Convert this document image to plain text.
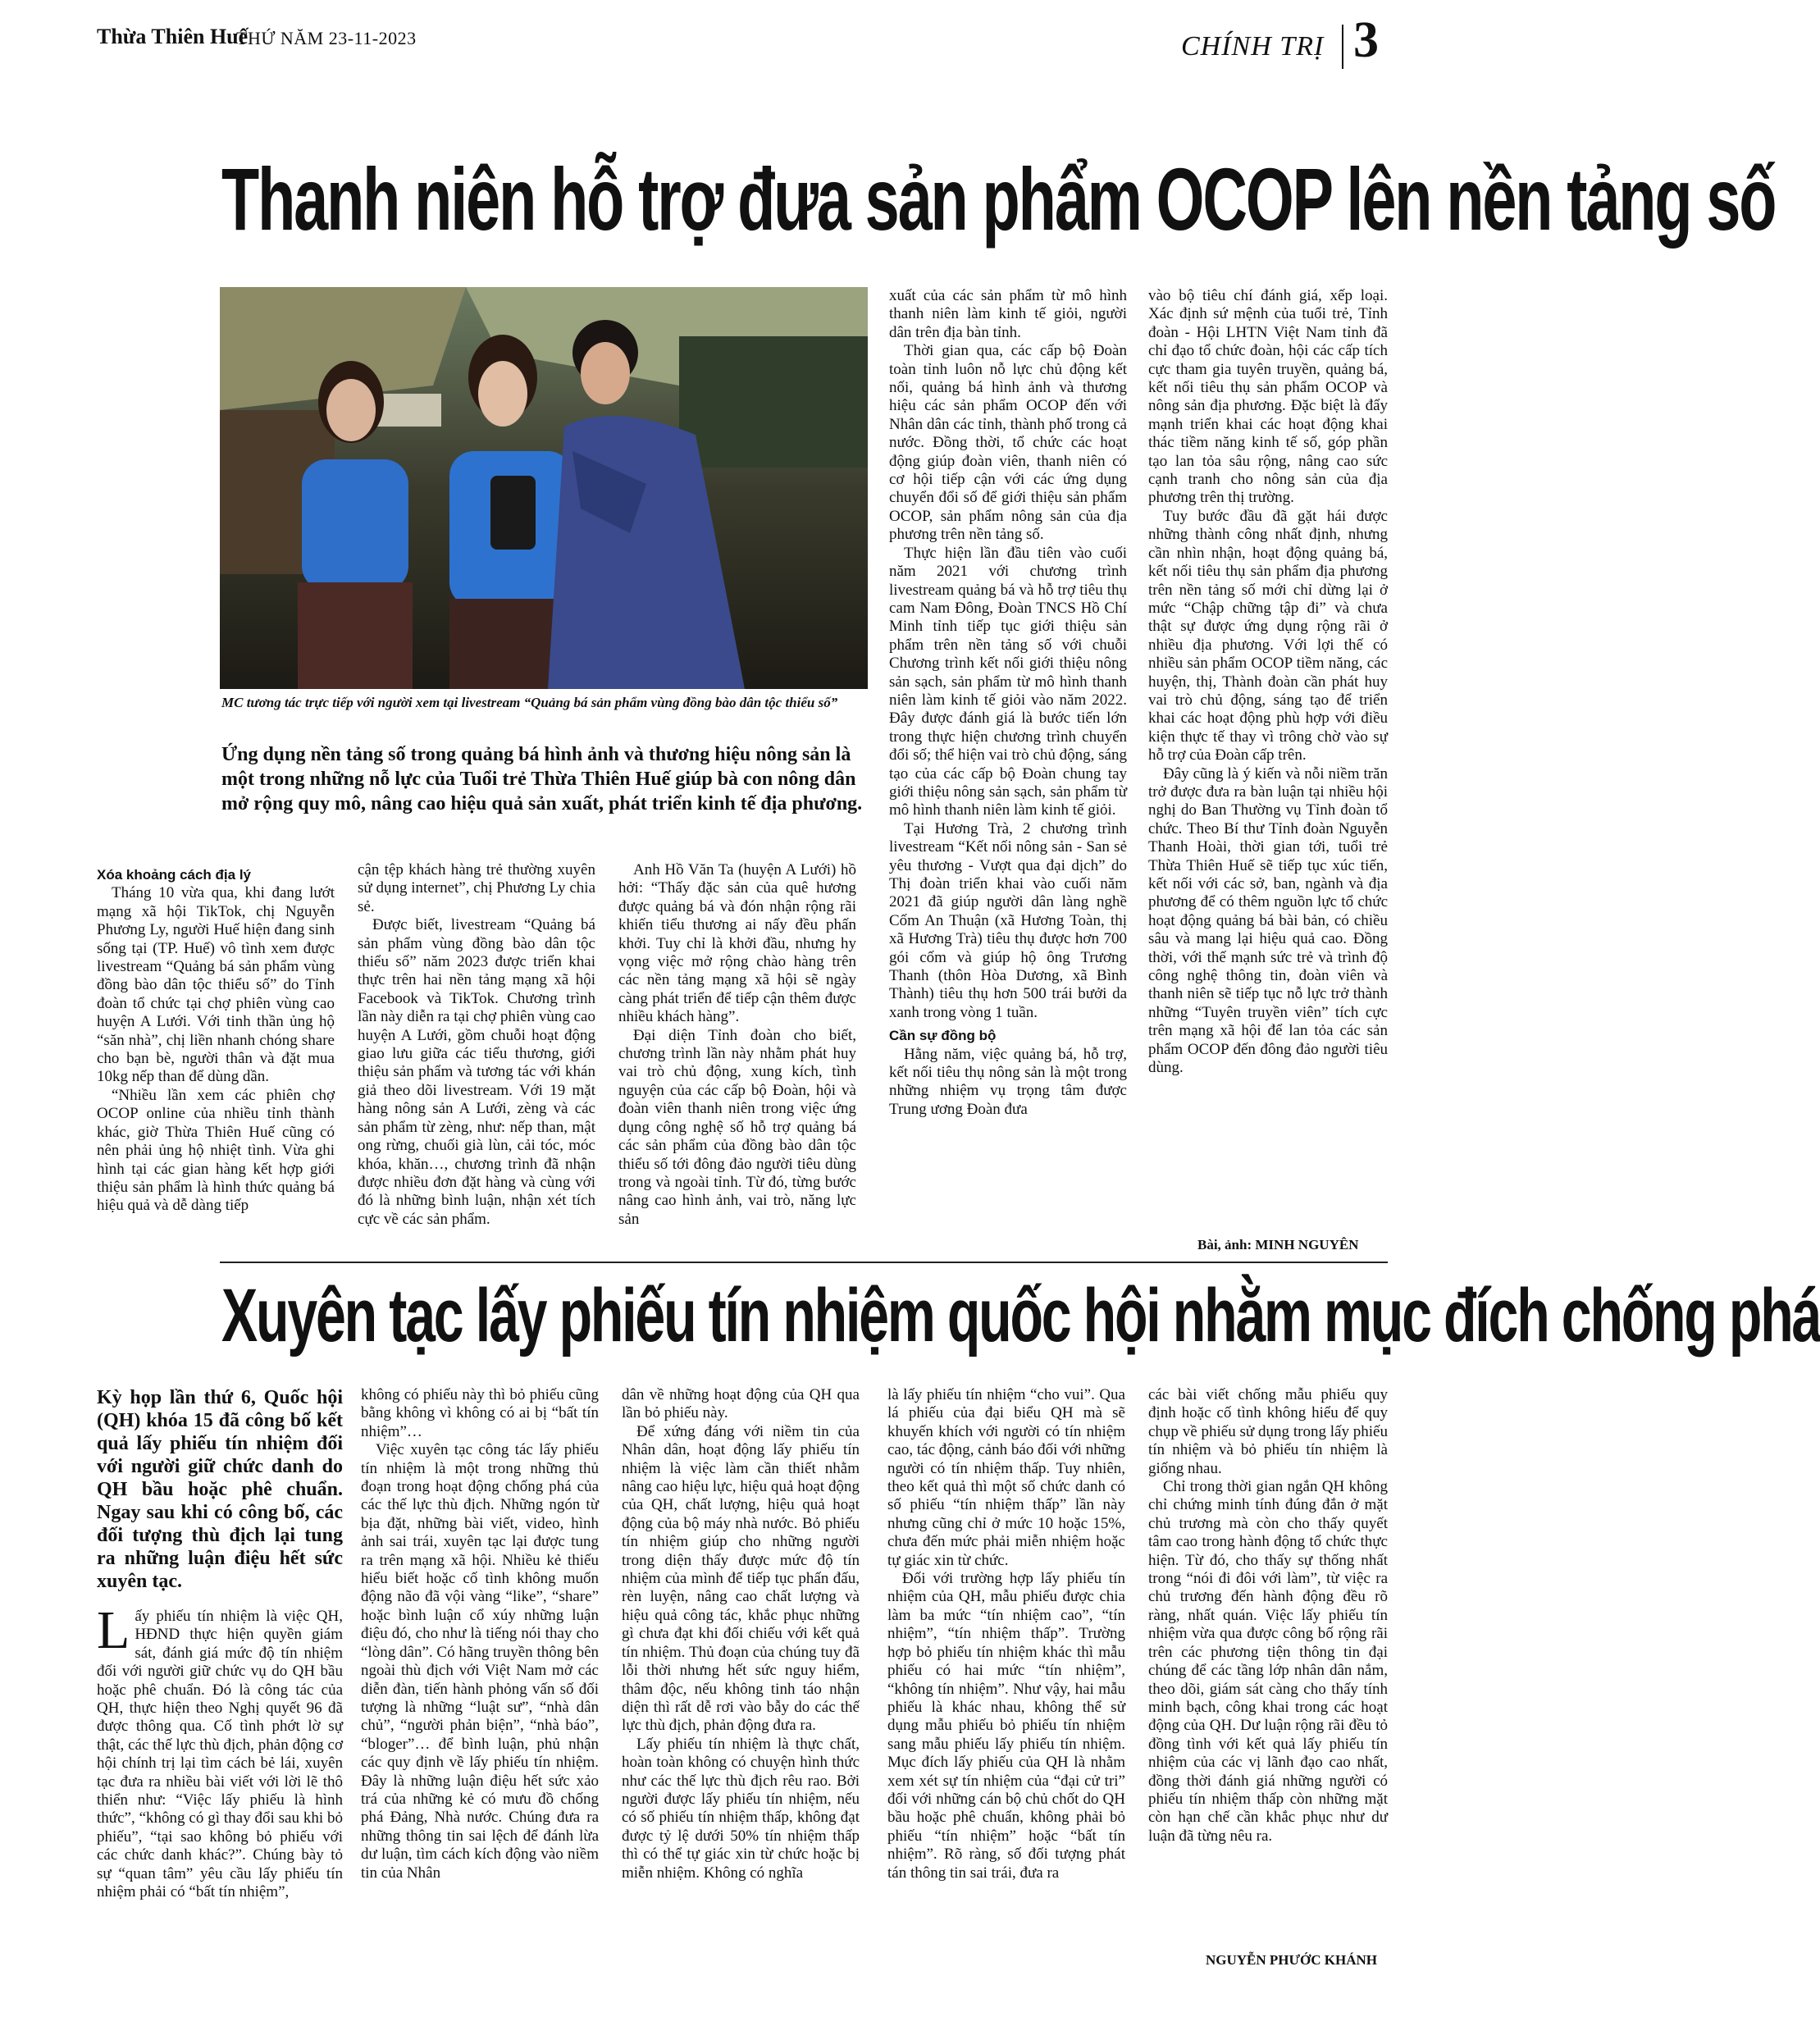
Thừa Thiên Huế
THỨ NĂM 23-11-2023	CHÍNH TRỊ 3
Thanh niên hỗ trợ đưa sản phẩm OCOP lên nền tảng số
MC tương tác trực tiếp với người xem tại livestream “Quảng bá sản phẩm vùng đồng bào dân tộc thiểu số”
Ứng dụng nền tảng số trong quảng bá hình ảnh và thương hiệu nông sản là một trong những nỗ lực của Tuổi trẻ Thừa Thiên Huế giúp bà con nông dân mở rộng quy mô, nâng cao hiệu quả sản xuất, phát triển kinh tế địa phương.

Xóa khoảng cách địa lý

Tháng 10 vừa qua, khi đang lướt mạng xã hội TikTok, chị Nguyễn Phương Ly, người Huế hiện đang sinh sống tại (TP. Huế) vô tình xem được livestream “Quảng bá sản phẩm vùng đồng bào dân tộc thiểu số” do Tỉnh đoàn tổ chức tại chợ phiên vùng cao huyện A Lưới. Với tinh thần ủng hộ “săn nhà”, chị liền nhanh chóng share cho bạn bè, người thân và đặt mua 10kg nếp than để dùng dần.

“Nhiều lần xem các phiên chợ OCOP online của nhiều tỉnh thành khác, giờ Thừa Thiên Huế cũng có nên phải ủng hộ nhiệt tình. Vừa ghi hình tại các gian hàng kết hợp giới thiệu sản phẩm là hình thức quảng bá hiệu quả và dễ dàng tiếp

cận tệp khách hàng trẻ thường xuyên sử dụng internet”, chị Phương Ly chia sẻ.

Được biết, livestream “Quảng bá sản phẩm vùng đồng bào dân tộc thiểu số” năm 2023 được triển khai thực trên hai nền tảng mạng xã hội Facebook và TikTok. Chương trình lần này diễn ra tại chợ phiên vùng cao huyện A Lưới, gồm chuỗi hoạt động giao lưu giữa các tiểu thương, giới thiệu sản phẩm và tương tác với khán giả theo dõi livestream. Với 19 mặt hàng nông sản A Lưới, zèng và các sản phẩm từ zèng, như: nếp than, mật ong rừng, chuối già lùn, cải tóc, móc khóa, khăn…, chương trình đã nhận được nhiều đơn đặt hàng và cùng với đó là những bình luận, nhận xét tích cực về các sản phẩm.

Anh Hồ Văn Ta (huyện A Lưới) hồ hởi: “Thấy đặc sản của quê hương được quảng bá và đón nhận rộng rãi khiến tiểu thương ai nấy đều phấn khởi. Tuy chỉ là khởi đầu, nhưng hy vọng việc mở rộng chào hàng trên các nền tảng mạng xã hội sẽ ngày càng phát triển để tiếp cận thêm được nhiều khách hàng”.

Đại diện Tỉnh đoàn cho biết, chương trình lần này nhằm phát huy vai trò chủ động, xung kích, tình nguyện của các cấp bộ Đoàn, hội và đoàn viên thanh niên trong việc ứng dụng công nghệ số hỗ trợ quảng bá các sản phẩm của đồng bào dân tộc thiểu số tới đông đảo người tiêu dùng trong và ngoài tỉnh. Từ đó, từng bước nâng cao hình ảnh, vai trò, năng lực sản

xuất của các sản phẩm từ mô hình thanh niên làm kinh tế giỏi, người dân trên địa bàn tỉnh.

Thời gian qua, các cấp bộ Đoàn toàn tỉnh luôn nỗ lực chủ động kết nối, quảng bá hình ảnh và thương hiệu các sản phẩm OCOP đến với Nhân dân các tỉnh, thành phố trong cả nước. Đồng thời, tổ chức các hoạt động giúp đoàn viên, thanh niên có cơ hội tiếp cận với các ứng dụng chuyển đổi số để giới thiệu sản phẩm OCOP, sản phẩm nông sản của địa phương trên nền tảng số.

Thực hiện lần đầu tiên vào cuối năm 2021 với chương trình livestream quảng bá và hỗ trợ tiêu thụ cam Nam Đông, Đoàn TNCS Hồ Chí Minh tỉnh tiếp tục giới thiệu sản phẩm trên nền tảng số với chuỗi Chương trình kết nối giới thiệu nông sản sạch, sản phẩm từ mô hình thanh niên làm kinh tế giỏi vào năm 2022. Đây được đánh giá là bước tiến lớn trong thực hiện chương trình chuyển đổi số; thể hiện vai trò chủ động, sáng tạo của các cấp bộ Đoàn chung tay giới thiệu nông sản sạch, sản phẩm từ mô hình thanh niên làm kinh tế giỏi.

Tại Hương Trà, 2 chương trình livestream “Kết nối nông sản - San sẻ yêu thương - Vượt qua đại dịch” do Thị đoàn triển khai vào cuối năm 2021 đã giúp người dân làng nghề Cốm An Thuận (xã Hương Toàn, thị xã Hương Trà) tiêu thụ được hơn 700 gói cốm và giúp hộ ông Trương Thanh (thôn Hòa Dương, xã Bình Thành) tiêu thụ hơn 500 trái bưởi da xanh trong vòng 1 tuần.

Cần sự đồng bộ

Hằng năm, việc quảng bá, hỗ trợ, kết nối tiêu thụ nông sản là một trong những nhiệm vụ trọng tâm được Trung ương Đoàn đưa

vào bộ tiêu chí đánh giá, xếp loại. Xác định sứ mệnh của tuổi trẻ, Tỉnh đoàn - Hội LHTN Việt Nam tỉnh đã chỉ đạo tổ chức đoàn, hội các cấp tích cực tham gia tuyên truyền, quảng bá, kết nối tiêu thụ sản phẩm OCOP và nông sản địa phương. Đặc biệt là đẩy mạnh triển khai các hoạt động khai thác tiềm năng kinh tế số, góp phần tạo lan tỏa sâu rộng, nâng cao sức cạnh tranh cho nông sản của địa phương trên thị trường.

Tuy bước đầu đã gặt hái được những thành công nhất định, nhưng cần nhìn nhận, hoạt động quảng bá, kết nối tiêu thụ sản phẩm địa phương trên nền tảng số mới chỉ dừng lại ở mức “Chập chững tập đi” và chưa thật sự được ứng dụng rộng rãi ở nhiều địa phương. Với lợi thế có nhiều sản phẩm OCOP tiềm năng, các huyện, thị, Thành đoàn cần phát huy vai trò chủ động, sáng tạo để triển khai các hoạt động phù hợp với điều kiện thực tế thay vì trông chờ vào sự hỗ trợ của Đoàn cấp trên.

Đây cũng là ý kiến và nỗi niềm trăn trở được đưa ra bàn luận tại nhiều hội nghị do Ban Thường vụ Tỉnh đoàn tổ chức. Theo Bí thư Tỉnh đoàn Nguyễn Thanh Hoài, thời gian tới, tuổi trẻ Thừa Thiên Huế sẽ tiếp tục xúc tiến, kết nối với các sở, ban, ngành và địa phương để có thêm nguồn lực tổ chức hoạt động quảng bá bài bản, có chiều sâu và mang lại hiệu quả cao. Đồng thời, với thế mạnh sức trẻ và trình độ công nghệ thông tin, đoàn viên và thanh niên sẽ tiếp tục nỗ lực trở thành những “Tuyên truyền viên” tích cực trên mạng xã hội để lan tỏa các sản phẩm OCOP đến đông đảo người tiêu dùng.

Bài, ảnh: MINH NGUYÊN
Xuyên tạc lấy phiếu tín nhiệm quốc hội nhằm mục đích chống phá

Kỳ họp lần thứ 6, Quốc hội (QH) khóa 15 đã công bố kết quả lấy phiếu tín nhiệm đối với người giữ chức danh do QH bầu hoặc phê chuẩn. Ngay sau khi có công bố, các đối tượng thù địch lại tung ra những luận điệu hết sức xuyên tạc.

Lấy phiếu tín nhiệm là việc QH, HĐND thực hiện quyền giám sát, đánh giá mức độ tín nhiệm đối với người giữ chức vụ do QH bầu hoặc phê chuẩn. Đó là công tác của QH, thực hiện theo Nghị quyết 96 đã được thông qua. Cố tình phớt lờ sự thật, các thế lực thù địch, phản động cơ hội chính trị lại tìm cách bẻ lái, xuyên tạc đưa ra nhiều bài viết với lời lẽ thô thiển như: “Việc lấy phiếu là hình thức”, “không có gì thay đổi sau khi bỏ phiếu”, “tại sao không bỏ phiếu với các chức danh khác?”. Chúng bày tỏ sự “quan tâm” yêu cầu lấy phiếu tín nhiệm phải có “bất tín nhiệm”,

không có phiếu này thì bỏ phiếu cũng bằng không vì không có ai bị “bất tín nhiệm”…

Việc xuyên tạc công tác lấy phiếu tín nhiệm là một trong những thủ đoạn trong hoạt động chống phá của các thế lực thù địch. Những ngón từ bịa đặt, những bài viết, video, hình ảnh sai trái, xuyên tạc lại được tung ra trên mạng xã hội. Nhiều kẻ thiếu hiểu biết hoặc cố tình không muốn động não đã vội vàng “like”, “share” hoặc bình luận cổ xúy những luận điệu đó, cho như là tiếng nói thay cho “lòng dân”. Có hãng truyền thông bên ngoài thù địch với Việt Nam mở các diễn đàn, tiến hành phỏng vấn số đối tượng là những “luật sư”, “nhà dân chủ”, “người phản biện”, “nhà báo”, “bloger”… để bình luận, phủ nhận các quy định về lấy phiếu tín nhiệm. Đây là những luận điệu hết sức xảo trá của những kẻ có mưu đồ chống phá Đảng, Nhà nước. Chúng đưa ra những thông tin sai lệch để đánh lừa dư luận, tìm cách kích động vào niềm tin của Nhân

dân về những hoạt động của QH qua lần bỏ phiếu này.

Để xứng đáng với niềm tin của Nhân dân, hoạt động lấy phiếu tín nhiệm là việc làm cần thiết nhằm nâng cao hiệu lực, hiệu quả hoạt động của QH, chất lượng, hiệu quả hoạt động của bộ máy nhà nước. Bỏ phiếu tín nhiệm giúp cho những người trong diện thấy được mức độ tín nhiệm của mình để tiếp tục phấn đấu, rèn luyện, nâng cao chất lượng và hiệu quả công tác, khắc phục những gì chưa đạt khi đối chiếu với kết quả tín nhiệm. Thủ đoạn của chúng tuy đã lỗi thời nhưng hết sức nguy hiểm, thâm độc, nếu không tinh táo nhận diện thì rất dễ rơi vào bẫy do các thế lực thù địch, phản động đưa ra.

Lấy phiếu tín nhiệm là thực chất, hoàn toàn không có chuyện hình thức như các thế lực thù địch rêu rao. Bởi người được lấy phiếu tín nhiệm, nếu có số phiếu tín nhiệm thấp, không đạt được tỷ lệ dưới 50% tín nhiệm thấp thì có thể tự giác xin từ chức hoặc bị miễn nhiệm. Không có nghĩa

là lấy phiếu tín nhiệm “cho vui”. Qua lá phiếu của đại biểu QH mà sẽ khuyến khích với người có tín nhiệm cao, tác động, cảnh báo đối với những người có tín nhiệm thấp. Tuy nhiên, theo kết quả thì một số chức danh có số phiếu “tín nhiệm thấp” lần này nhưng cũng chỉ ở mức 10 hoặc 15%, chưa đến mức phải miễn nhiệm hoặc tự giác xin từ chức.

Đối với trường hợp lấy phiếu tín nhiệm của QH, mẫu phiếu được chia làm ba mức “tín nhiệm cao”, “tín nhiệm”, “tín nhiệm thấp”. Trường hợp bỏ phiếu tín nhiệm khác thì mẫu phiếu có hai mức “tín nhiệm”, “không tín nhiệm”. Như vậy, hai mẫu phiếu là khác nhau, không thể sử dụng mẫu phiếu bỏ phiếu tín nhiệm sang mẫu phiếu lấy phiếu tín nhiệm. Mục đích lấy phiếu của QH là nhằm xem xét sự tín nhiệm của “đại cử tri” đối với những cán bộ chủ chốt do QH bầu hoặc phê chuẩn, không phải bỏ phiếu “tín nhiệm” hoặc “bất tín nhiệm”. Rõ ràng, số đối tượng phát tán thông tin sai trái, đưa ra

các bài viết chống mẫu phiếu quy định hoặc cố tình không hiểu để quy chụp về phiếu sử dụng trong lấy phiếu tín nhiệm và bỏ phiếu tín nhiệm là giống nhau.

Chỉ trong thời gian ngắn QH không chỉ chứng minh tính đúng đắn ở mặt chủ trương mà còn cho thấy quyết tâm cao trong hành động tổ chức thực hiện. Từ đó, cho thấy sự thống nhất trong “nói đi đôi với làm”, từ việc ra chủ trương đến hành động đều rõ ràng, nhất quán. Việc lấy phiếu tín nhiệm vừa qua được công bố rộng rãi trên các phương tiện thông tin đại chúng để các tầng lớp nhân dân nắm, theo dõi, giám sát càng cho thấy tính minh bạch, công khai trong các hoạt động của QH. Dư luận rộng rãi đều tỏ đồng tình với kết quả lấy phiếu tín nhiệm của các vị lãnh đạo cao nhất, đồng thời đánh giá những người có phiếu tín nhiệm thấp còn những mặt còn hạn chế cần khắc phục như dư luận đã từng nêu ra.

NGUYỄN PHƯỚC KHÁNH
